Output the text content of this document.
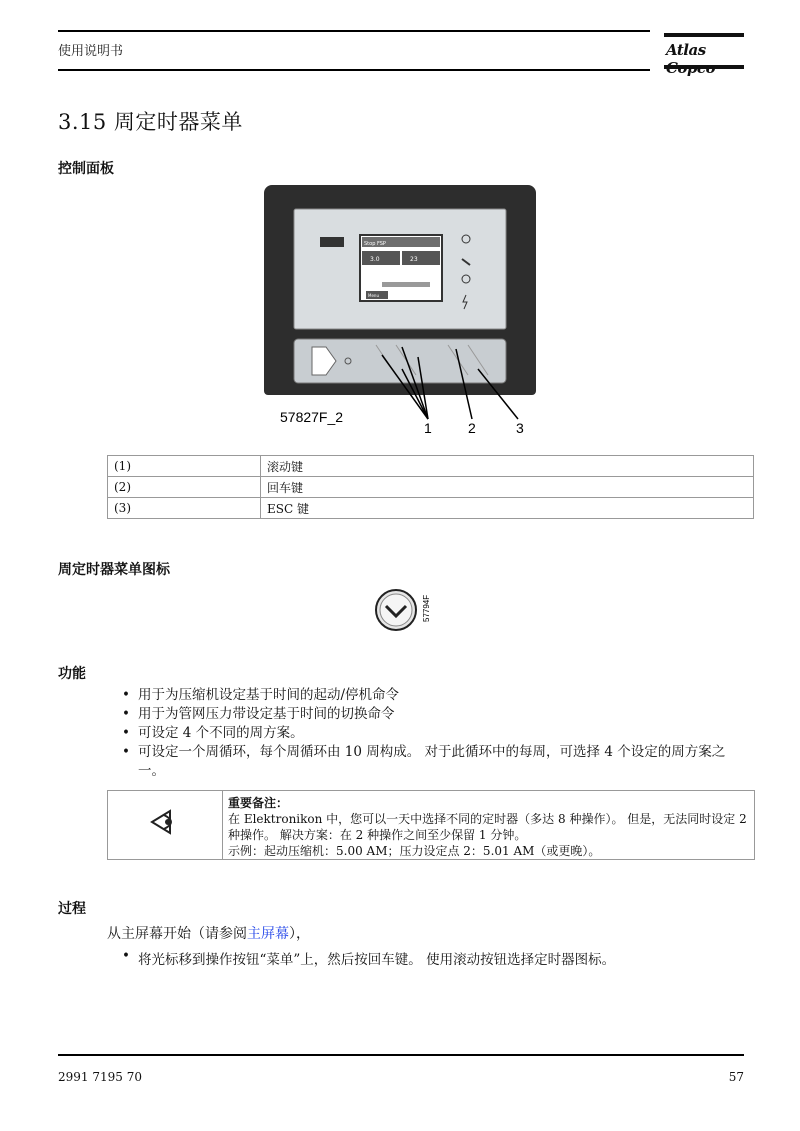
使用说明书	Atlas
3.15 周定时器菜单
控制面板
Stop FSP
3.0	23
Menu
57827F_2
1	2	3
(1)	滚动键
(2)	回车键
(3)	ESC 键
周定时器菜单图标
57794F
功能
• 用于为压缩机设定基于时间的起动/停机命令
• 用于为管网压力带设定基于时间的切换命令
• 可设定 4 个不同的周方案。
• 可设定一个周循环，每个周循环由 10 周构成。 对于此循环中的每周，可选择 4 个设定的周方案之一。
重要备注：
在 Elektronikon 中，您可以一天中选择不同的定时器（多达 8 种操作）。 但是，无法同时设定 2 种操作。 解决方案：在 2 种操作之间至少保留 1 分钟。
示例：起动压缩机：5.00 AM；压力设定点 2：5.01 AM（或更晚）。
过程
从主屏幕开始（请参阅主屏幕），
• 将光标移到操作按钮“菜单”上，然后按回车键。 使用滚动按钮选择定时器图标。
2991 7195 70	57
